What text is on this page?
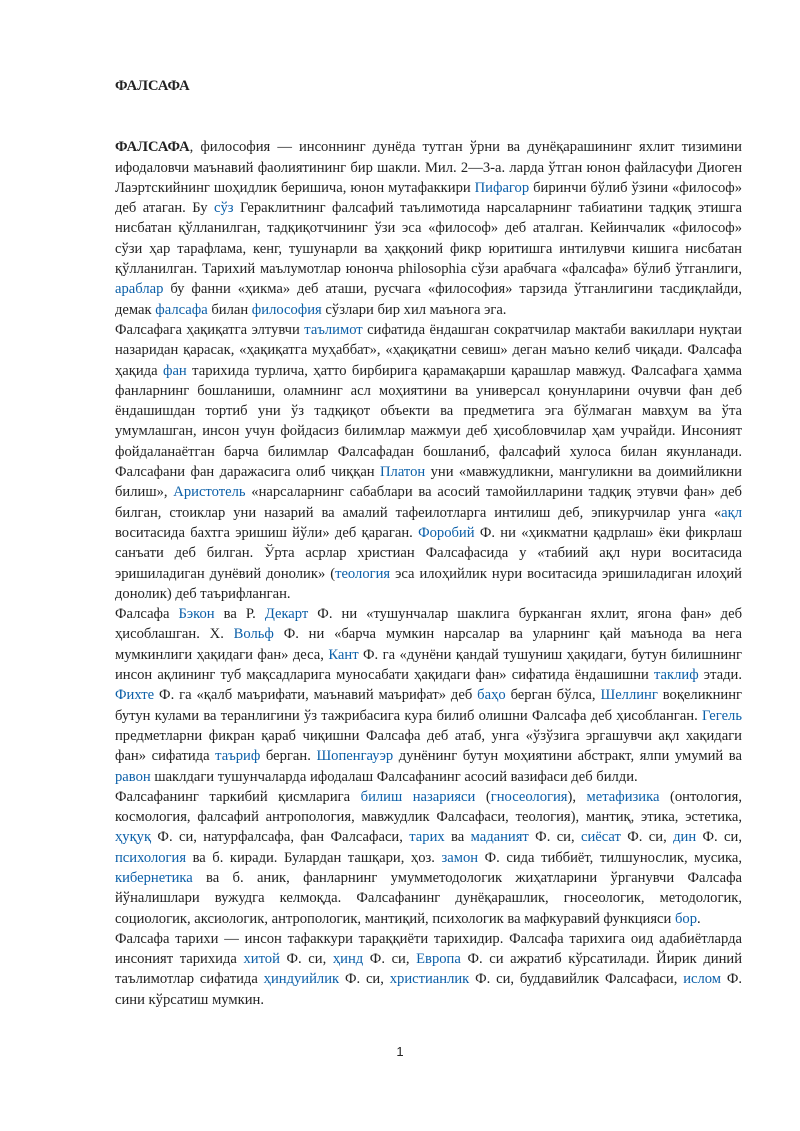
ФАЛСАФА

ФАЛСАФА, философия — инсоннинг дунёда тутган ўрни ва дунёқарашининг яхлит тизимини ифодаловчи маънавий фаолиятининг бир шакли. Мил. 2—3-а. ларда ўтган юнон файласуфи Диоген Лаэртскийнинг шоҳидлик беришича, юнон мутафаккири Пифагор биринчи бўлиб ўзини «философ» деб атаган. Бу сўз Гераклитнинг фалсафий таълимотида нарсаларнинг табиатини тадқиқ этишга нисбатан қўлланилган, тадқиқотчининг ўзи эса «философ» деб аталган. Кейинчалик «философ» сўзи ҳар тарафлама, кенг, тушунарли ва ҳаққоний фикр юритишга интилувчи кишига нисбатан қўлланилган. Тарихий маълумотлар юнонча philosophia сўзи арабчага «фалсафа» бўлиб ўтганлиги, араблар бу фанни «ҳикма» деб аташи, русчага «философия» тарзида ўтганлигини тасдиқлайди, демак фалсафа билан философия сўзлари бир хил маънога эга.

Фалсафага ҳақиқатга элтувчи таълимот сифатида ёндашган сократчилар мактаби вакиллари нуқтаи назаридан қарасак, «ҳақиқатга муҳаббат», «ҳақиқатни севиш» деган маъно келиб чиқади. Фалсафа ҳақида фан тарихида турлича, ҳатто бирбирига қарамақарши қарашлар мавжуд. Фалсафага ҳамма фанларнинг бошланиши, оламнинг асл моҳиятини ва универсал қонунларини очувчи фан деб ёндашишдан тортиб уни ўз тадқиқот объекти ва предметига эга бўлмаган мавҳум ва ўта умумлашган, инсон учун фойдасиз билимлар мажмуи деб ҳисобловчилар ҳам учрайди. Инсоният фойдаланаётган барча билимлар Фалсафадан бошланиб, фалсафий хулоса билан якунланади. Фалсафани фан даражасига олиб чиққан Платон уни «мавжудликни, мангуликни ва доимийликни билиш», Аристотель «нарсаларнинг сабаблари ва асосий тамойилларини тадқиқ этувчи фан» деб билган, стоиклар уни назарий ва амалий тафеилотларга интилиш деб, эпикурчилар унга «ақл воситасида бахтга эришиш йўли» деб қараган. Форобий Ф. ни «ҳикматни қадрлаш» ёки фикрлаш санъати деб билган. Ўрта асрлар христиан Фалсафасида у «табиий ақл нури воситасида эришиладиган дунёвий донолик» (теология эса илоҳийлик нури воситасида эришиладиган илоҳий донолик) деб таърифланган.

Фалсафа Бэкон ва Р. Декарт Ф. ни «тушунчалар шаклига бурканган яхлит, ягона фан» деб ҳисоблашган. Х. Вольф Ф. ни «барча мумкин нарсалар ва уларнинг қай маънода ва нега мумкинлиги ҳақидаги фан» деса, Кант Ф. га «дунёни қандай тушуниш ҳақидаги, бутун билишнинг инсон ақлининг туб мақсадларига муносабати ҳақидаги фан» сифатида ёндашишни таклиф этади. Фихте Ф. га «қалб маърифати, маънавий маърифат» деб баҳо берган бўлса, Шеллинг воқеликнинг бутун кулами ва теранлигини ўз тажрибасига кура билиб олишни Фалсафа деб ҳисобланган. Гегель предметларни фикран қараб чиқишни Фалсафа деб атаб, унга «ўзўзига эргашувчи ақл хақидаги фан» сифатида таъриф берган. Шопенгауэр дунёнинг бутун моҳиятини абстракт, ялпи умумий ва равон шаклдаги тушунчаларда ифодалаш Фалсафанинг асосий вазифаси деб билди.

Фалсафанинг таркибий қисмларига билиш назарияси (гносеология), метафизика (онтология, космология, фалсафий антропология, мавжудлик Фалсафаси, теология), мантиқ, этика, эстетика, ҳуқуқ Ф. си, натурфалсафа, фан Фалсафаси, тарих ва маданият Ф. си, сиёсат Ф. си, дин Ф. си, психология ва б. киради. Булардан ташқари, ҳоз. замон Ф. сида тиббиёт, тилшунослик, мусика, кибернетика ва б. аник, фанларнинг умумметодологик жиҳатларини ўрганувчи Фалсафа йўналишлари вужудга келмоқда. Фалсафанинг дунёқарашлик, гносеологик, методологик, социологик, аксиологик, антропологик, мантиқий, психологик ва мафкуравий функцияси бор.

Фалсафа тарихи — инсон тафаккури тараққиёти тарихидир. Фалсафа тарихига оид адабиётларда инсоният тарихида хитой Ф. си, ҳинд Ф. си, Европа Ф. си ажратиб кўрсатилади. Йирик диний таълимотлар сифатида ҳиндуийлик Ф. си, христианлик Ф. си, буддавийлик Фалсафаси, ислом Ф. сини кўрсатиш мумкин.

1
